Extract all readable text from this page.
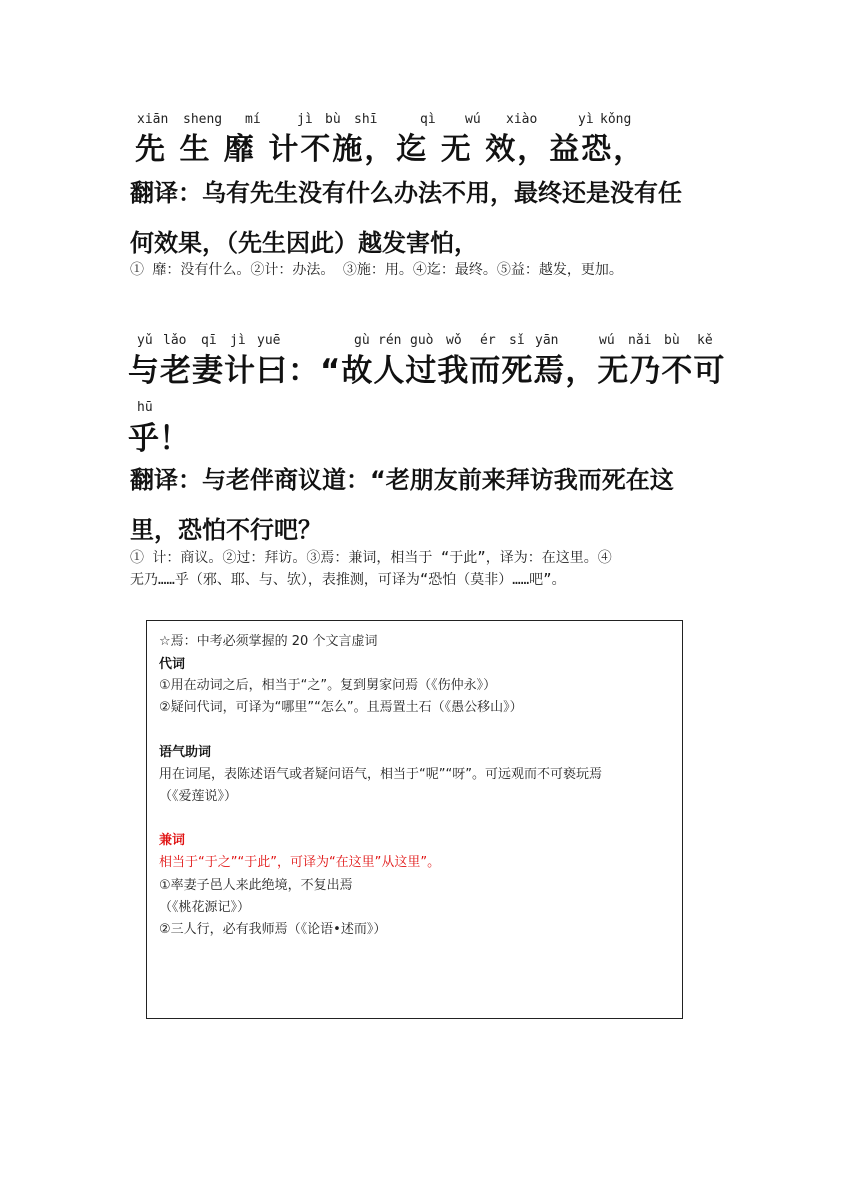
xiān sheng mí	jì bù shī	qì wú xiào	yì kǒng
先 生 靡 计不施，迄 无 效，益恐，
翻译：乌有先生没有什么办法不用，最终还是没有任
何效果，（先生因此）越发害怕，
① 靡：没有什么。②计：办法。 ③施：用。④迄：最终。⑤益：越发，更加。
yǔ lǎo qī jì yuē	gù rén guò wǒ ér sǐ yān	wú nǎi bù kě
与老妻计曰：“故人过我而死焉，无乃不可
hū
乎！
翻译：与老伴商议道：“老朋友前来拜访我而死在这
里，恐怕不行吧？
① 计：商议。②过：拜访。③焉：兼词，相当于 “于此”，译为：在这里。④
无乃……乎（邪、耶、与、欤），表推测，可译为“恐怕（莫非）……吧”。
☆焉：中考必须掌握的 20 个文言虚词
代词
①用在动词之后，相当于“之”。复到舅家问焉（《伤仲永》）
②疑问代词，可译为“哪里”“怎么”。且焉置土石（《愚公移山》）
语气助词
用在词尾，表陈述语气或者疑问语气，相当于“呢”“呀”。可远观而不可亵玩焉
（《爱莲说》）
兼词
相当于“于之”“于此”，可译为“在这里”从这里”。
①率妻子邑人来此绝境，不复出焉
（《桃花源记》）
②三人行，必有我师焉（《论语•述而》）
